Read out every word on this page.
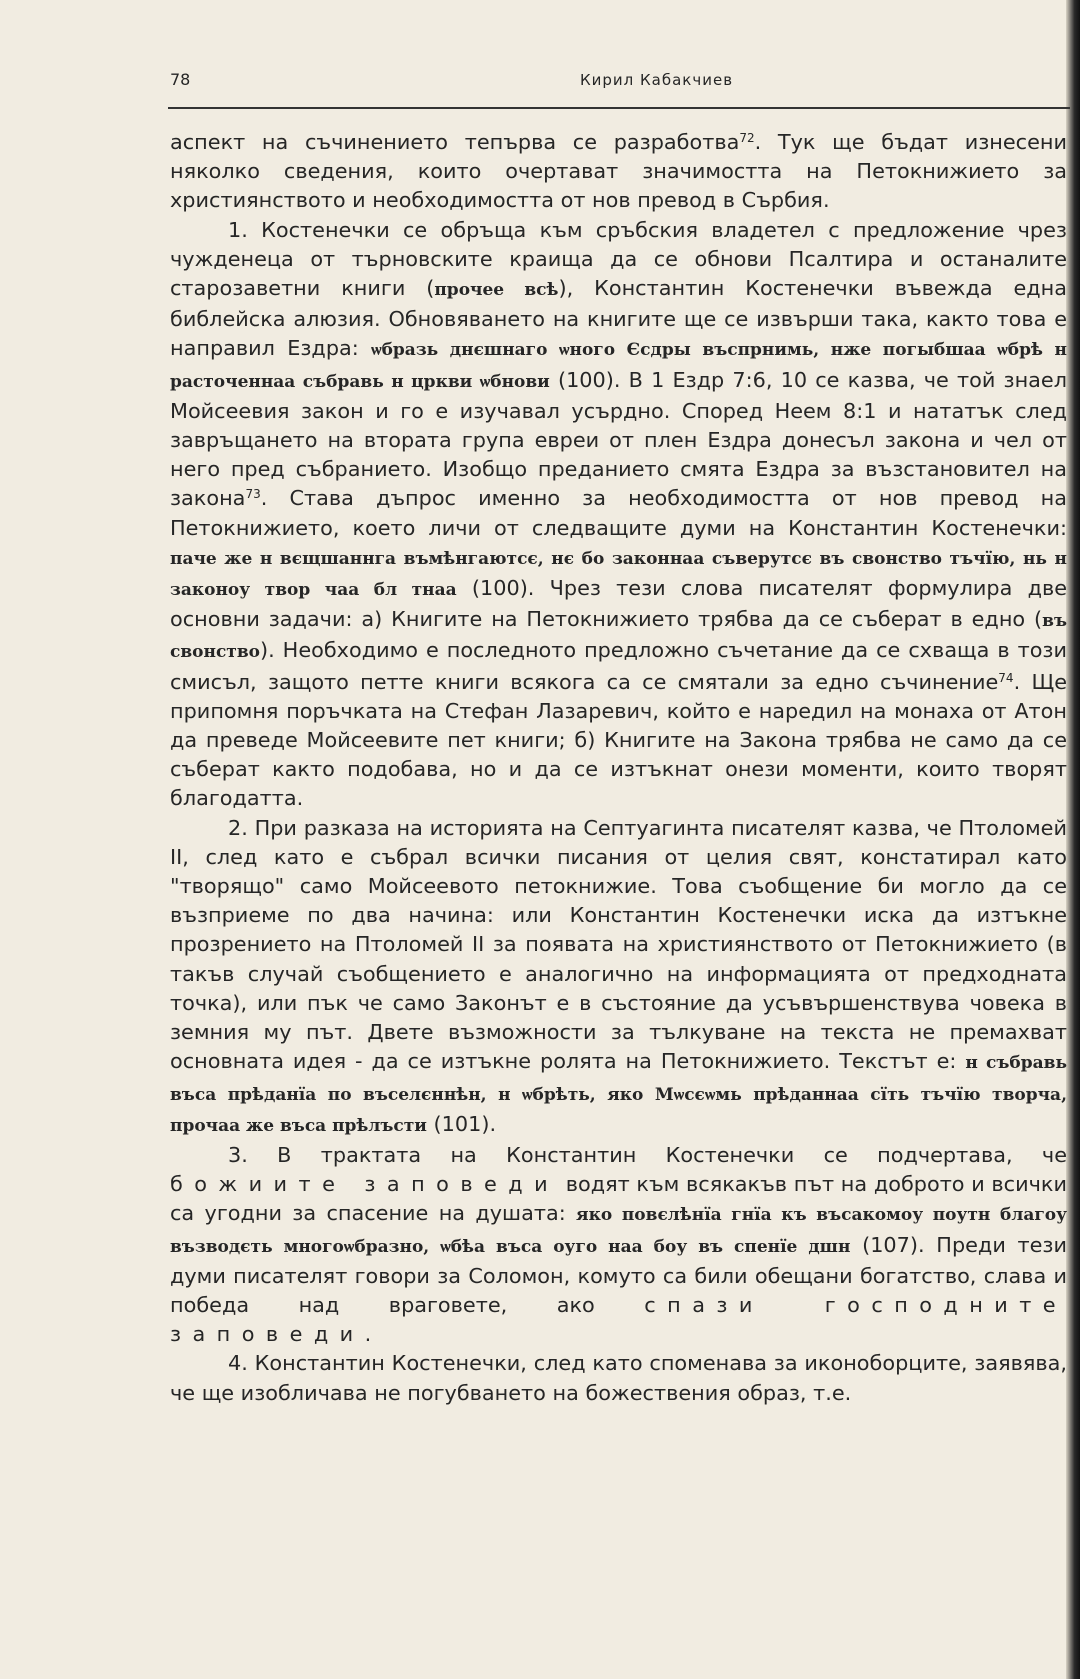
78	Кирил Кабакчиев

аспект на съчинението тепърва се разработва$^{72}$. Тук ще бъдат изнесени няколко сведения, които очертават значимостта на Петокнижието за християнството и необходимостта от нов превод в Сърбия.

1. Костенечки се обръща към сръбския владетел с предложение чрез чужденеца от търновските краища да се обнови Псалтира и останалите старозаветни книги (прочее всѣ), Константин Костенечки въвежда една библейска алюзия. Обновяването на книгите ще се извърши така, както това е направил Ездра: ѡбразь днєшнаго ѡного Єсдры въспрнимь, нже погыбшаа ѡбрѣ н расточеннаа събравь н цркви ѡбнови (100). В 1 Ездр 7:6, 10 се казва, че той знаел Мойсеевия закон и го е изучавал усърдно. Според Неем 8:1 и нататък след завръщането на втората група евреи от плен Ездра донесъл закона и чел от него пред събранието. Изобщо преданието смята Ездра за възстановител на закона$^{73}$. Става дъпрос именно за необходимостта от нов превод на Петокнижието, което личи от следващите думи на Константин Костенечки: паче же н вєщшаннга въмѣнгаютсє, нє бо законнаа съверутсє въ свонство тъчїю, нь н законоу твор чаа бл тнаа (100). Чрез тези слова писателят формулира две основни задачи: а) Книгите на Петокнижието трябва да се съберат в едно (въ свонство). Необходимо е последното предложно съчетание да се схваща в този смисъл, защото петте книги всякога са се смятали за едно съчинение$^{74}$. Ще припомня поръчката на Стефан Лазаревич, който е наредил на монаха от Атон да преведе Мойсеевите пет книги; б) Книгите на Закона трябва не само да се съберат както подобава, но и да се изтъкнат онези моменти, които творят благодатта.

2. При разказа на историята на Септуагинта писателят казва, че Птоломей II, след като е събрал всички писания от целия свят, констатирал като "творящо" само Мойсеевото петокнижие. Това съобщение би могло да се възприеме по два начина: или Константин Костенечки иска да изтъкне прозрението на Птоломей II за появата на християнството от Петокнижието (в такъв случай съобщението е аналогично на информацията от предходната точка), или пък че само Законът е в състояние да усъвършенствува човека в земния му път. Двете възможности за тълкуване на текста не премахват основната идея - да се изтъкне ролята на Петокнижието. Текстът е: н събравь въса прѣданїа по въселєннѣн, н ѡбрѣть, яко Мѡсєѡмь прѣданнаа сїть тъчїю творча, прочаа же въса прѣлъсти (101).

3. В трактата на Константин Костенечки се подчертава, че божиите заповеди водят към всякакъв път на доброто и всички са угодни за спасение на душата: яко повєлѣнїа гнїа къ въсакомоу поутн благоу възводєть многоѡбразно, ѡбѣа въса оуго наа боу въ спенїе дшн (107). Преди тези думи писателят говори за Соломон, комуто са били обещани богатство, слава и победа над враговете, ако спази господните заповеди.

4. Константин Костенечки, след като споменава за иконоборците, заявява, че ще изобличава не погубването на божествения образ, т.е.
